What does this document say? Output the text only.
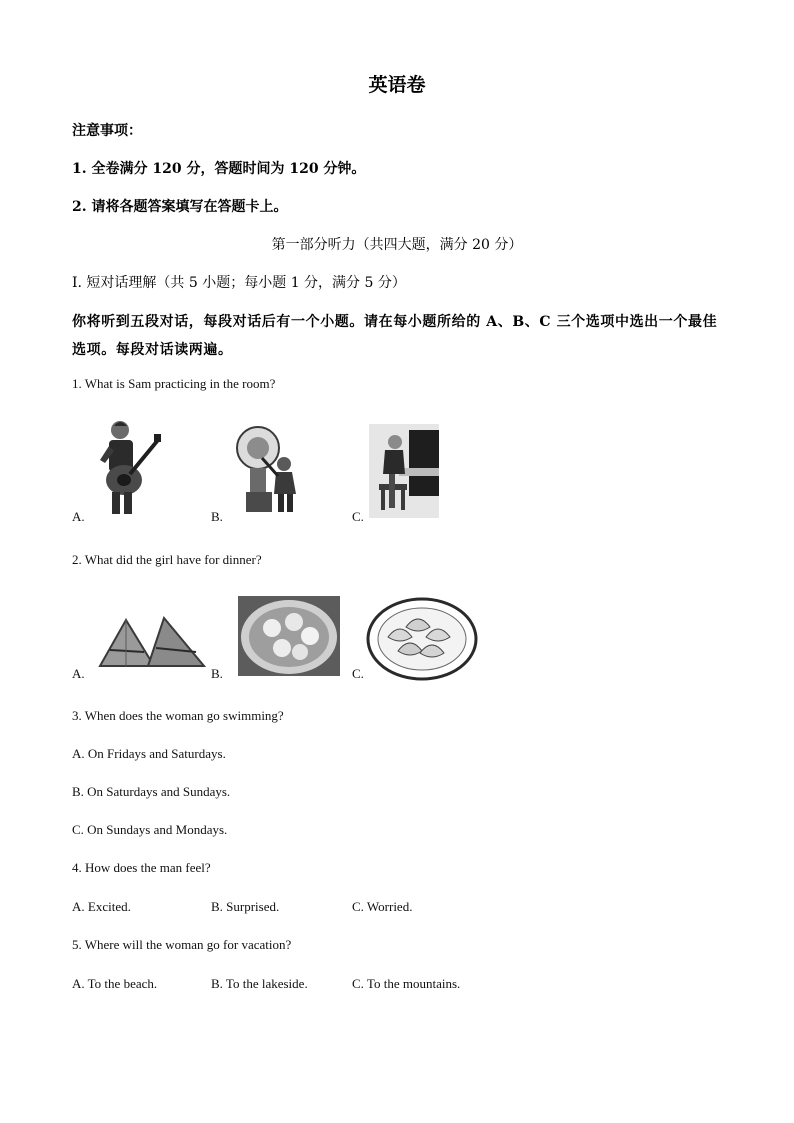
英语卷
注意事项：
1. 全卷满分 120 分，答题时间为 120 分钟。
2. 请将各题答案填写在答题卡上。
第一部分听力（共四大题，满分 20 分）
Ⅰ. 短对话理解（共 5 小题；每小题 1 分，满分 5 分）
你将听到五段对话，每段对话后有一个小题。请在每小题所给的 A、B、C 三个选项中选出一个最佳选项。每段对话读两遍。
1. What is Sam practicing in the room?
A.	B.	C.
2. What did the girl have for dinner?
A.	B.	C.
3. When does the woman go swimming?
A. On Fridays and Saturdays.
B. On Saturdays and Sundays.
C. On Sundays and Mondays.
4. How does the man feel?
A. Excited.	B. Surprised.	C. Worried.
5. Where will the woman go for vacation?
A. To the beach.	B. To the lakeside.	C. To the mountains.
